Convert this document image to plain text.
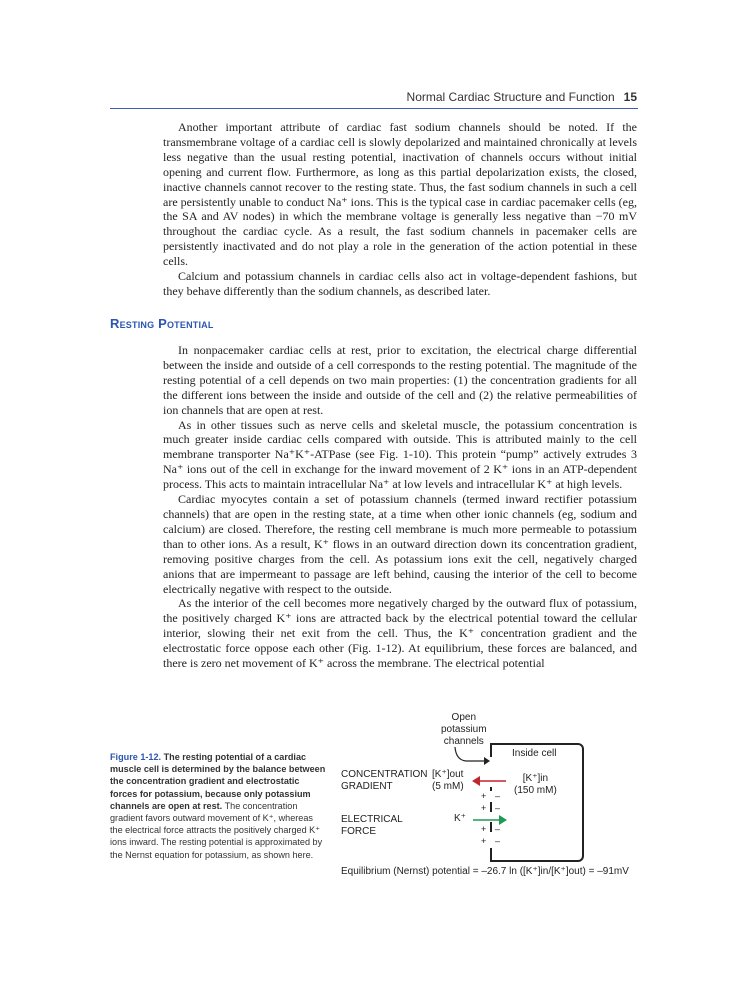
Normal Cardiac Structure and Function 15

Another important attribute of cardiac fast sodium channels should be noted. If the transmembrane voltage of a cardiac cell is slowly depolarized and maintained chronically at levels less negative than the usual resting potential, inactivation of channels occurs without initial opening and current flow. Furthermore, as long as this partial depolarization exists, the closed, inactive channels cannot recover to the resting state. Thus, the fast sodium channels in such a cell are persistently unable to conduct Na⁺ ions. This is the typical case in cardiac pacemaker cells (eg, the SA and AV nodes) in which the membrane voltage is generally less negative than −70 mV throughout the cardiac cycle. As a result, the fast sodium channels in pacemaker cells are persistently inactivated and do not play a role in the generation of the action potential in these cells.

Calcium and potassium channels in cardiac cells also act in voltage-dependent fashions, but they behave differently than the sodium channels, as described later.

Resting Potential

In nonpacemaker cardiac cells at rest, prior to excitation, the electrical charge differential between the inside and outside of a cell corresponds to the resting potential. The magnitude of the resting potential of a cell depends on two main properties: (1) the concentration gradients for all the different ions between the inside and outside of the cell and (2) the relative permeabilities of ion channels that are open at rest.

As in other tissues such as nerve cells and skeletal muscle, the potassium concentration is much greater inside cardiac cells compared with outside. This is attributed mainly to the cell membrane transporter Na⁺K⁺-ATPase (see Fig. 1-10). This protein “pump” actively extrudes 3 Na⁺ ions out of the cell in exchange for the inward movement of 2 K⁺ ions in an ATP-dependent process. This acts to maintain intracellular Na⁺ at low levels and intracellular K⁺ at high levels.

Cardiac myocytes contain a set of potassium channels (termed inward rectifier potassium channels) that are open in the resting state, at a time when other ionic channels (eg, sodium and calcium) are closed. Therefore, the resting cell membrane is much more permeable to potassium than to other ions. As a result, K⁺ flows in an outward direction down its concentration gradient, removing positive charges from the cell. As potassium ions exit the cell, negatively charged anions that are impermeant to passage are left behind, causing the interior of the cell to become electrically negative with respect to the outside.

As the interior of the cell becomes more negatively charged by the outward flux of potassium, the positively charged K⁺ ions are attracted back by the electrical potential toward the cellular interior, slowing their net exit from the cell. Thus, the K⁺ concentration gradient and the electrostatic force oppose each other (Fig. 1-12). At equilibrium, these forces are balanced, and there is zero net movement of K⁺ across the membrane. The electrical potential

Figure 1-12. The resting potential of a cardiac muscle cell is determined by the balance between the concentration gradient and electrostatic forces for potassium, because only potassium channels are open at rest. The concentration gradient favors outward movement of K⁺, whereas the electrical force attracts the positively charged K⁺ ions inward. The resting potential is approximated by the Nernst equation for potassium, as shown here.
Open
potassium
channels
Inside cell
CONCENTRATION
GRADIENT
ELECTRICAL
FORCE
[K⁺]out
(5 mM)
[K⁺]in
(150 mM)
K⁺
+ –
+ –
+ –
+ –
Equilibrium (Nernst) potential = –26.7 ln ([K⁺]in/[K⁺]out) = –91mV
